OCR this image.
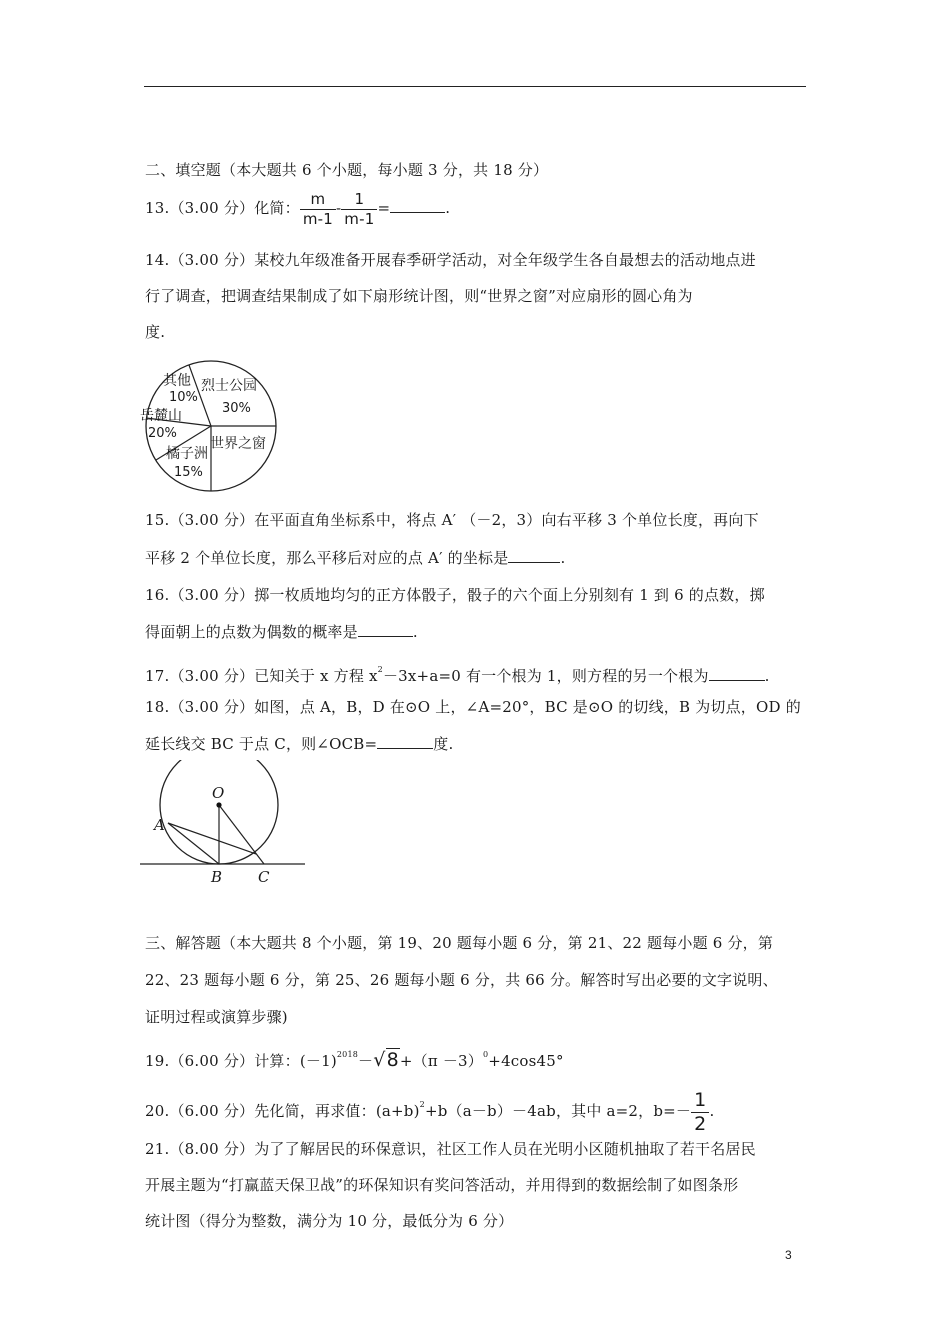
二、填空题（本大题共 6 个小题，每小题 3 分，共 18 分）
13.（3.00 分）化简： $\frac{m}{m-1} - \frac{1}{m-1}$ =	.
14.（3.00 分）某校九年级准备开展春季研学活动，对全年级学生各自最想去的活动地点进
行了调查，把调查结果制成了如下扇形统计图，则“世界之窗”对应扇形的圆心角为
度.
其他
10%
烈士公园
30%
岳麓山
20%
世界之窗
橘子洲
15%
15.（3.00 分）在平面直角坐标系中，将点 A′ （－2，3）向右平移 3 个单位长度，再向下
平移 2 个单位长度，那么平移后对应的点 A′ 的坐标是	.
16.（3.00 分）掷一枚质地均匀的正方体骰子，骰子的六个面上分别刻有 1 到 6 的点数，掷
得面朝上的点数为偶数的概率是	.
17.（3.00 分）已知关于 x 方程 $x^2-3x+a=0$ 有一个根为 1，则方程的另一个根为	.
18.（3.00 分）如图，点 A，B，D 在⊙O 上，∠A=20°，BC 是⊙O 的切线，B 为切点，OD 的
延长线交 BC 于点 C，则∠OCB=	度.
O
A
B C
三、解答题（本大题共 8 个小题，第 19、20 题每小题 6 分，第 21、22 题每小题 6 分，第
22、23 题每小题 6 分，第 25、26 题每小题 6 分，共 66 分。解答时写出必要的文字说明、
证明过程或演算步骤)
19.（6.00 分）计算：$(-1)^{2018}-√8+(\pi -3)^0+4\cos 45^\circ$
20.（6.00 分）先化简，再求值：$(a+b)^2+b(a-b)-4ab$，其中 a=2，$b=- \frac{1}{2}$ .
21.（8.00 分）为了了解居民的环保意识，社区工作人员在光明小区随机抽取了若干名居民
开展主题为“打赢蓝天保卫战”的环保知识有奖问答活动，并用得到的数据绘制了如图条形
统计图（得分为整数，满分为 10 分，最低分为 6 分）
3
